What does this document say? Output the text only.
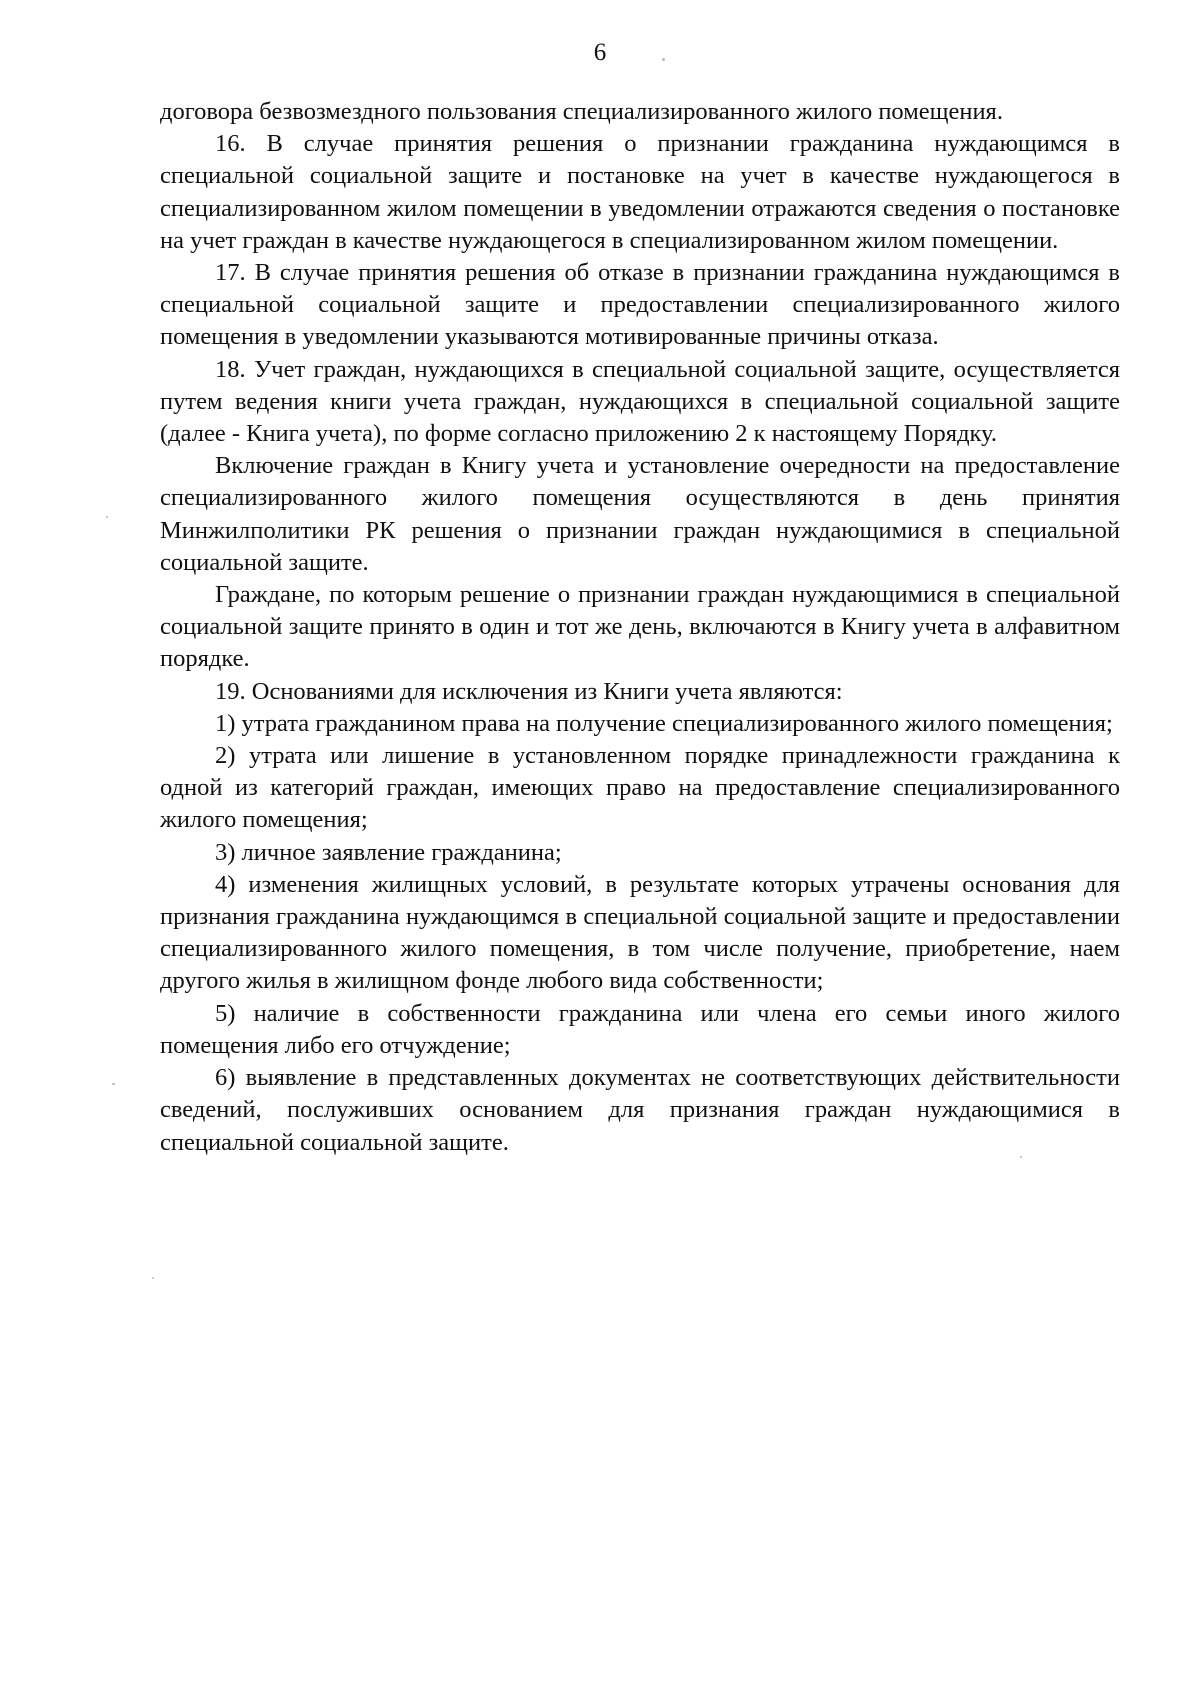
6

договора безвозмездного пользования специализированного жилого помещения.

16. В случае принятия решения о признании гражданина нуждающимся в специальной социальной защите и постановке на учет в качестве нуждающегося в специализированном жилом помещении в уведомлении отражаются сведения о постановке на учет граждан в качестве нуждающегося в специализированном жилом помещении.

17. В случае принятия решения об отказе в признании гражданина нуждающимся в специальной социальной защите и предоставлении специализированного жилого помещения в уведомлении указываются мотивированные причины отказа.

18. Учет граждан, нуждающихся в специальной социальной защите, осуществляется путем ведения книги учета граждан, нуждающихся в специальной социальной защите (далее - Книга учета), по форме согласно приложению 2 к настоящему Порядку.

Включение граждан в Книгу учета и установление очередности на предоставление специализированного жилого помещения осуществляются в день принятия Минжилполитики РК решения о признании граждан нуждающимися в специальной социальной защите.

Граждане, по которым решение о признании граждан нуждающимися в специальной социальной защите принято в один и тот же день, включаются в Книгу учета в алфавитном порядке.

19. Основаниями для исключения из Книги учета являются:

1) утрата гражданином права на получение специализированного жилого помещения;

2) утрата или лишение в установленном порядке принадлежности гражданина к одной из категорий граждан, имеющих право на предоставление специализированного жилого помещения;

3) личное заявление гражданина;

4) изменения жилищных условий, в результате которых утрачены основания для признания гражданина нуждающимся в специальной социальной защите и предоставлении специализированного жилого помещения, в том числе получение, приобретение, наем другого жилья в жилищном фонде любого вида собственности;

5) наличие в собственности гражданина или члена его семьи иного жилого помещения либо его отчуждение;

6) выявление в представленных документах не соответствующих действительности сведений, послуживших основанием для признания граждан нуждающимися в специальной социальной защите.
